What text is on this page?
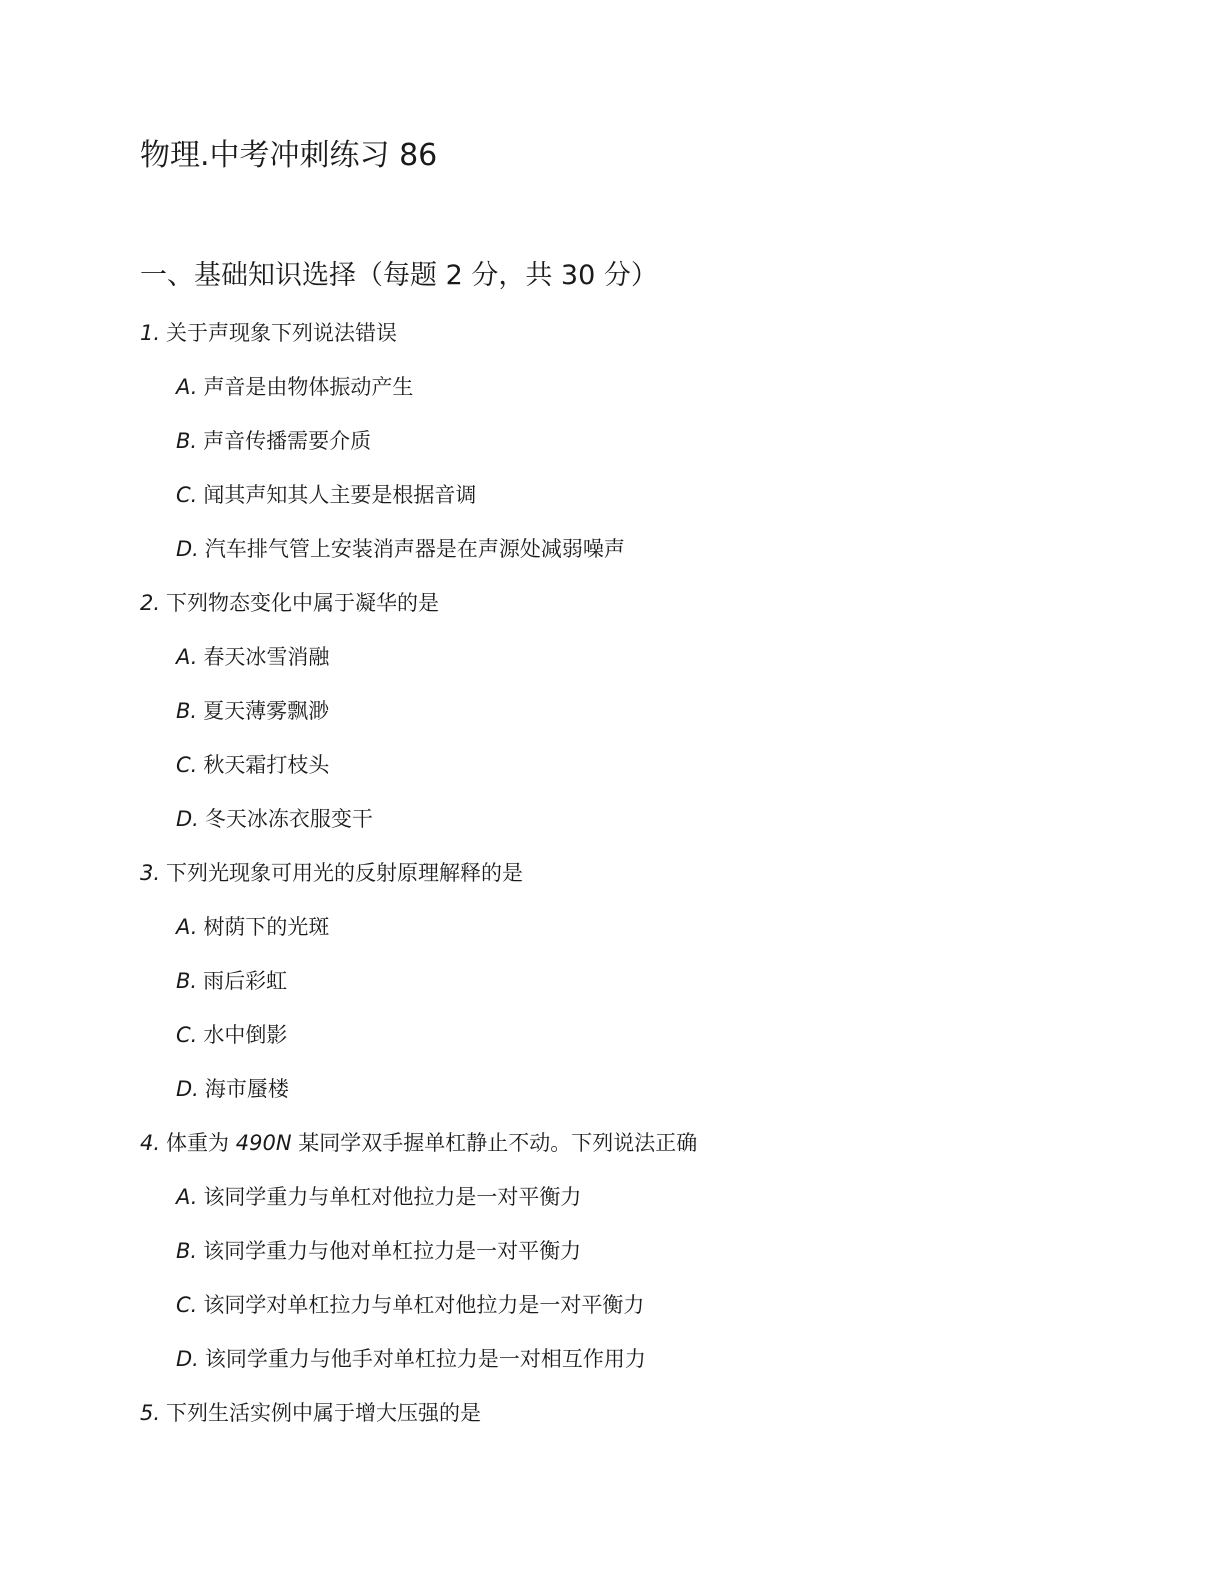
物理.中考冲刺练习 86
一、基础知识选择（每题 2 分，共 30 分）
1. 关于声现象下列说法错误
A. 声音是由物体振动产生
B. 声音传播需要介质
C. 闻其声知其人主要是根据音调
D. 汽车排气管上安装消声器是在声源处减弱噪声
2. 下列物态变化中属于凝华的是
A. 春天冰雪消融
B. 夏天薄雾飘渺
C. 秋天霜打枝头
D. 冬天冰冻衣服变干
3. 下列光现象可用光的反射原理解释的是
A. 树荫下的光斑
B. 雨后彩虹
C. 水中倒影
D. 海市蜃楼
4. 体重为 490N 某同学双手握单杠静止不动。下列说法正确
A. 该同学重力与单杠对他拉力是一对平衡力
B. 该同学重力与他对单杠拉力是一对平衡力
C. 该同学对单杠拉力与单杠对他拉力是一对平衡力
D. 该同学重力与他手对单杠拉力是一对相互作用力
5. 下列生活实例中属于增大压强的是
